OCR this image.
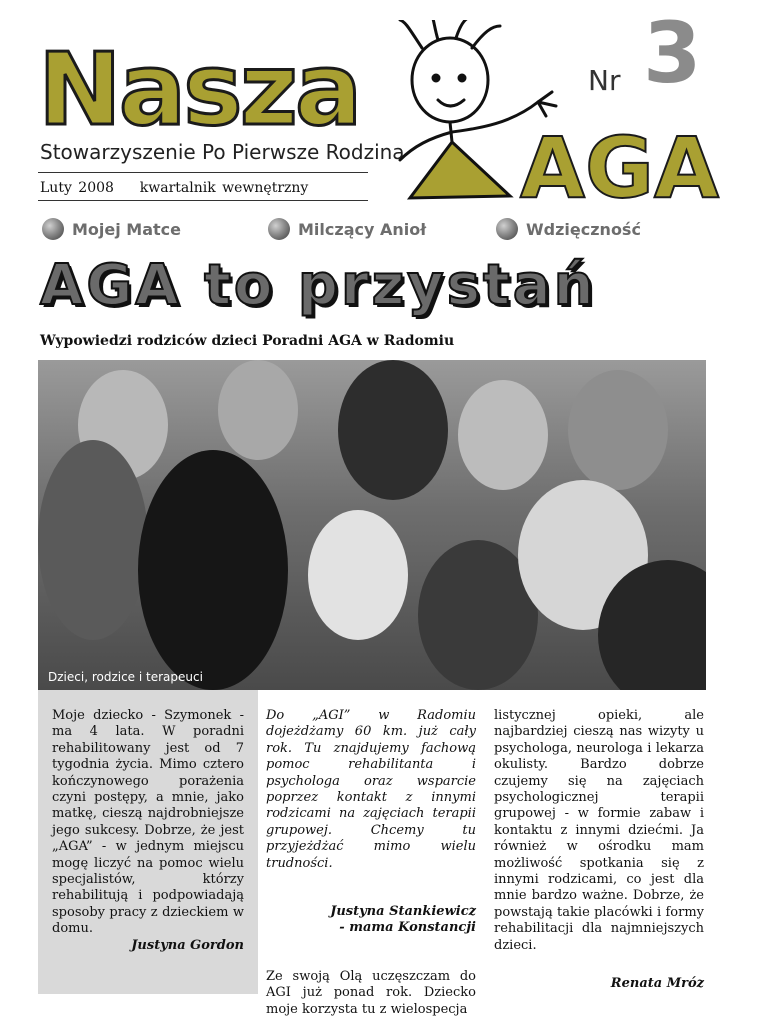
Nasza
Stowarzyszenie Po Pierwsze Rodzina
Luty 2008 kwartalnik wewnętrzny
Nr 3
AGA
Mojej Matce	Milczący Anioł	Wdzięczność
AGA to przystań
Wypowiedzi rodziców dzieci Poradni AGA w Radomiu
Dzieci, rodzice i terapeuci

Moje dziecko - Szymonek - ma 4 lata. W poradni rehabilitowany jest od 7 tygodnia życia. Mimo cztero kończynowego porażenia czyni postępy, a mnie, jako matkę, cieszą najdrobniejsze jego sukcesy. Dobrze, że jest „AGA” - w jednym miejscu mogę liczyć na pomoc wielu specjalistów, którzy rehabilitują i podpowiadają sposoby pracy z dzieckiem w domu.

Justyna Gordon

Do „AGI” w Radomiu dojeżdżamy 60 km. już cały rok. Tu znajdujemy fachową pomoc rehabilitanta i psychologa oraz wsparcie poprzez kontakt z innymi rodzicami na zajęciach terapii grupowej. Chcemy tu przyjeżdżać mimo wielu trudności.

Justyna Stankiewicz

- mama Konstancji

Ze swoją Olą uczęszczam do AGI już ponad rok. Dziecko moje korzysta tu z wielospecja

listycznej opieki, ale najbardziej cieszą nas wizyty u psychologa, neurologa i lekarza okulisty. Bardzo dobrze czujemy się na zajęciach psychologicznej terapii grupowej - w formie zabaw i kontaktu z innymi dziećmi. Ja również w ośrodku mam możliwość spotkania się z innymi rodzicami, co jest dla mnie bardzo ważne. Dobrze, że powstają takie placówki i formy rehabilitacji dla najmniejszych dzieci.

Renata Mróz
